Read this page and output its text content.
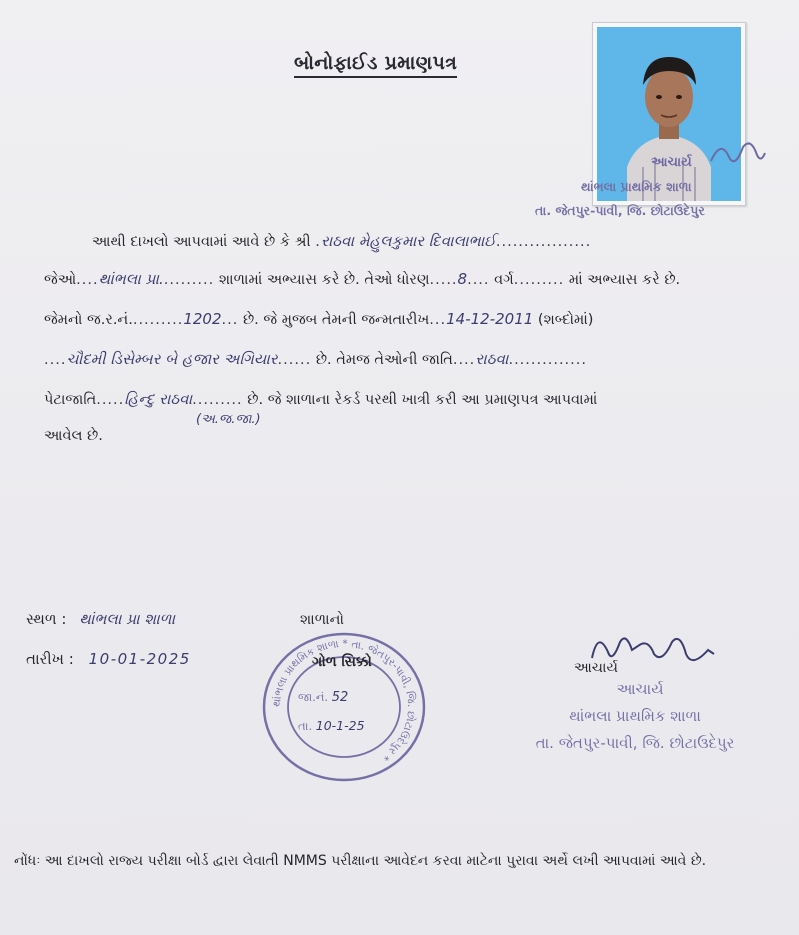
બોનોફાઈડ પ્રમાણપત્ર
આચાર્ય
થાંભલા પ્રાથમિક શાળા
તા. જેતપુર-પાવી, જિ. છોટાઉદેપુર
આથી દાખલો આપવામાં આવે છે કે શ્રી .રાઠવા મેહુલકુમાર દિવાલાભાઈ.................
જેઓ....થાંભલા પ્રા.......... શાળામાં અભ્યાસ કરે છે. તેઓ ધોરણ.....8.... વર્ગ......... માં અભ્યાસ કરે છે.
જેમનો જ.ર.નં..........1202... છે. જે મુજબ તેમની જન્મતારીખ...14-12-2011 (શબ્દોમાં)
....ચૌદમી ડિસેમ્બર બે હજાર અગિયાર...... છે. તેમજ તેઓની જાતિ....રાઠવા..............
પેટાજાતિ.....હિન્દુ રાઠવા......... છે. જે શાળાના રેકર્ડ પરથી ખાત્રી કરી આ પ્રમાણપત્ર આપવામાં
(અ.જ.જા.)
આવેલ છે.
સ્થળ : થાંભલા પ્રા શાળા
તારીખ : 10-01-2025
શાળાનો
થાંભલા પ્રાથમિક શાળા * તા. જેતપુર-પાવી, જિ. છોટાઉદેપુર *
ગોળ સિક્કો
જા.નં. 52
તા. 10-1-25
આચાર્ય
આચાર્ય
થાંભલા પ્રાથમિક શાળા
તા. જેતપુર-પાવી, જિ. છોટાઉદેપુર
નોંધઃ આ દાખલો રાજ્ય પરીક્ષા બોર્ડ દ્વારા લેવાતી NMMS પરીક્ષાના આવેદન કરવા માટેના પુરાવા અર્થે લખી આપવામાં આવે છે.
